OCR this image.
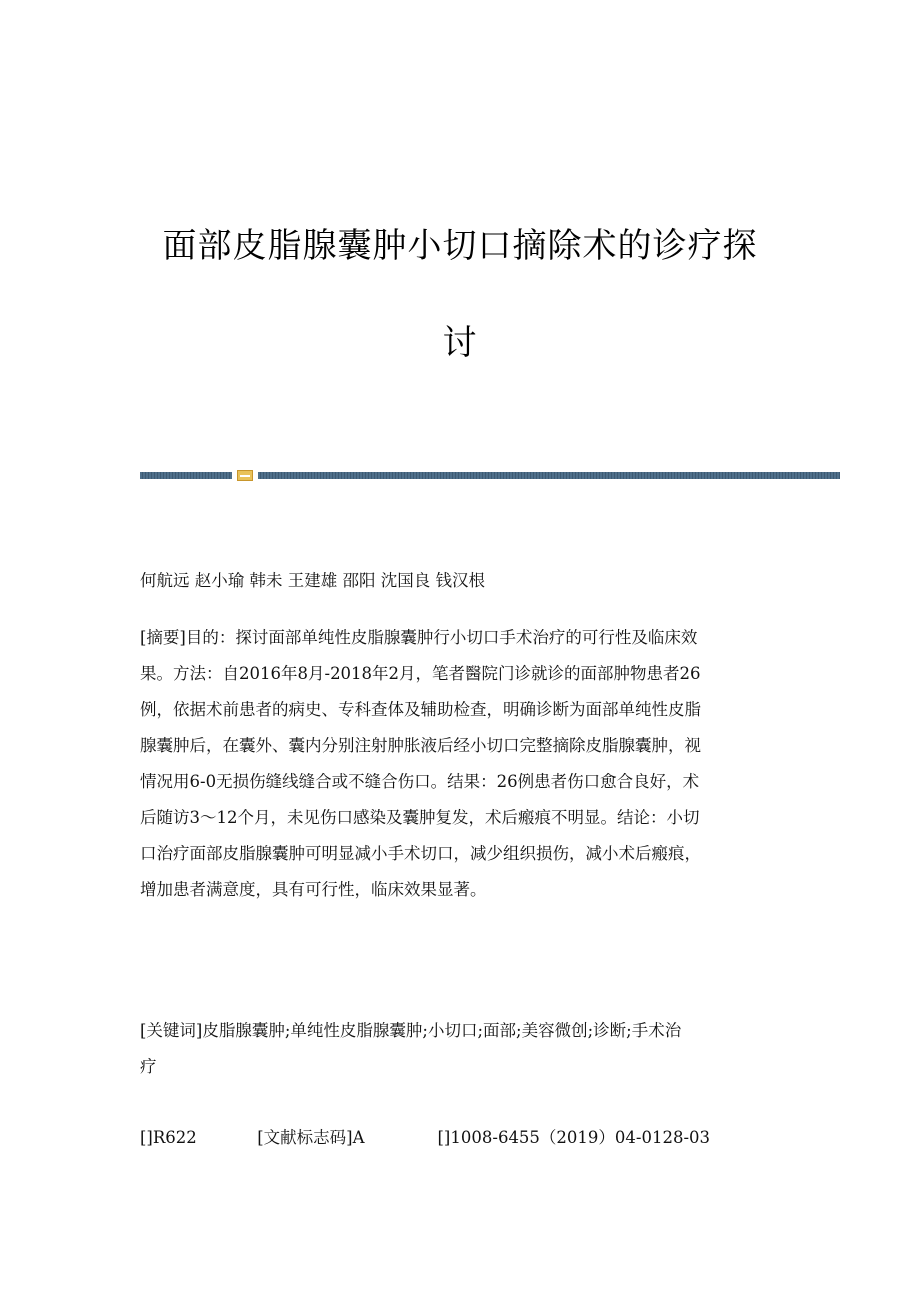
面部皮脂腺囊肿小切口摘除术的诊疗探
讨
何航远 赵小瑜 韩未 王建雄 邵阳 沈国良 钱汉根
[摘要]目的：探讨面部单纯性皮脂腺囊肿行小切口手术治疗的可行性及临床效
果。方法：自2016年8月-2018年2月，笔者醫院门诊就诊的面部肿物患者26
例，依据术前患者的病史、专科查体及辅助检查，明确诊断为面部单纯性皮脂
腺囊肿后，在囊外、囊内分别注射肿胀液后经小切口完整摘除皮脂腺囊肿，视
情况用6-0无损伤缝线缝合或不缝合伤口。结果：26例患者伤口愈合良好，术
后随访3～12个月，未见伤口感染及囊肿复发，术后瘢痕不明显。结论：小切
口治疗面部皮脂腺囊肿可明显减小手术切口，减少组织损伤，减小术后瘢痕，
增加患者满意度，具有可行性，临床效果显著。
[关键词]皮脂腺囊肿;单纯性皮脂腺囊肿;小切口;面部;美容微创;诊断;手术治
疗
[]R622	[文献标志码]A	[]1008-6455（2019）04-0128-03
